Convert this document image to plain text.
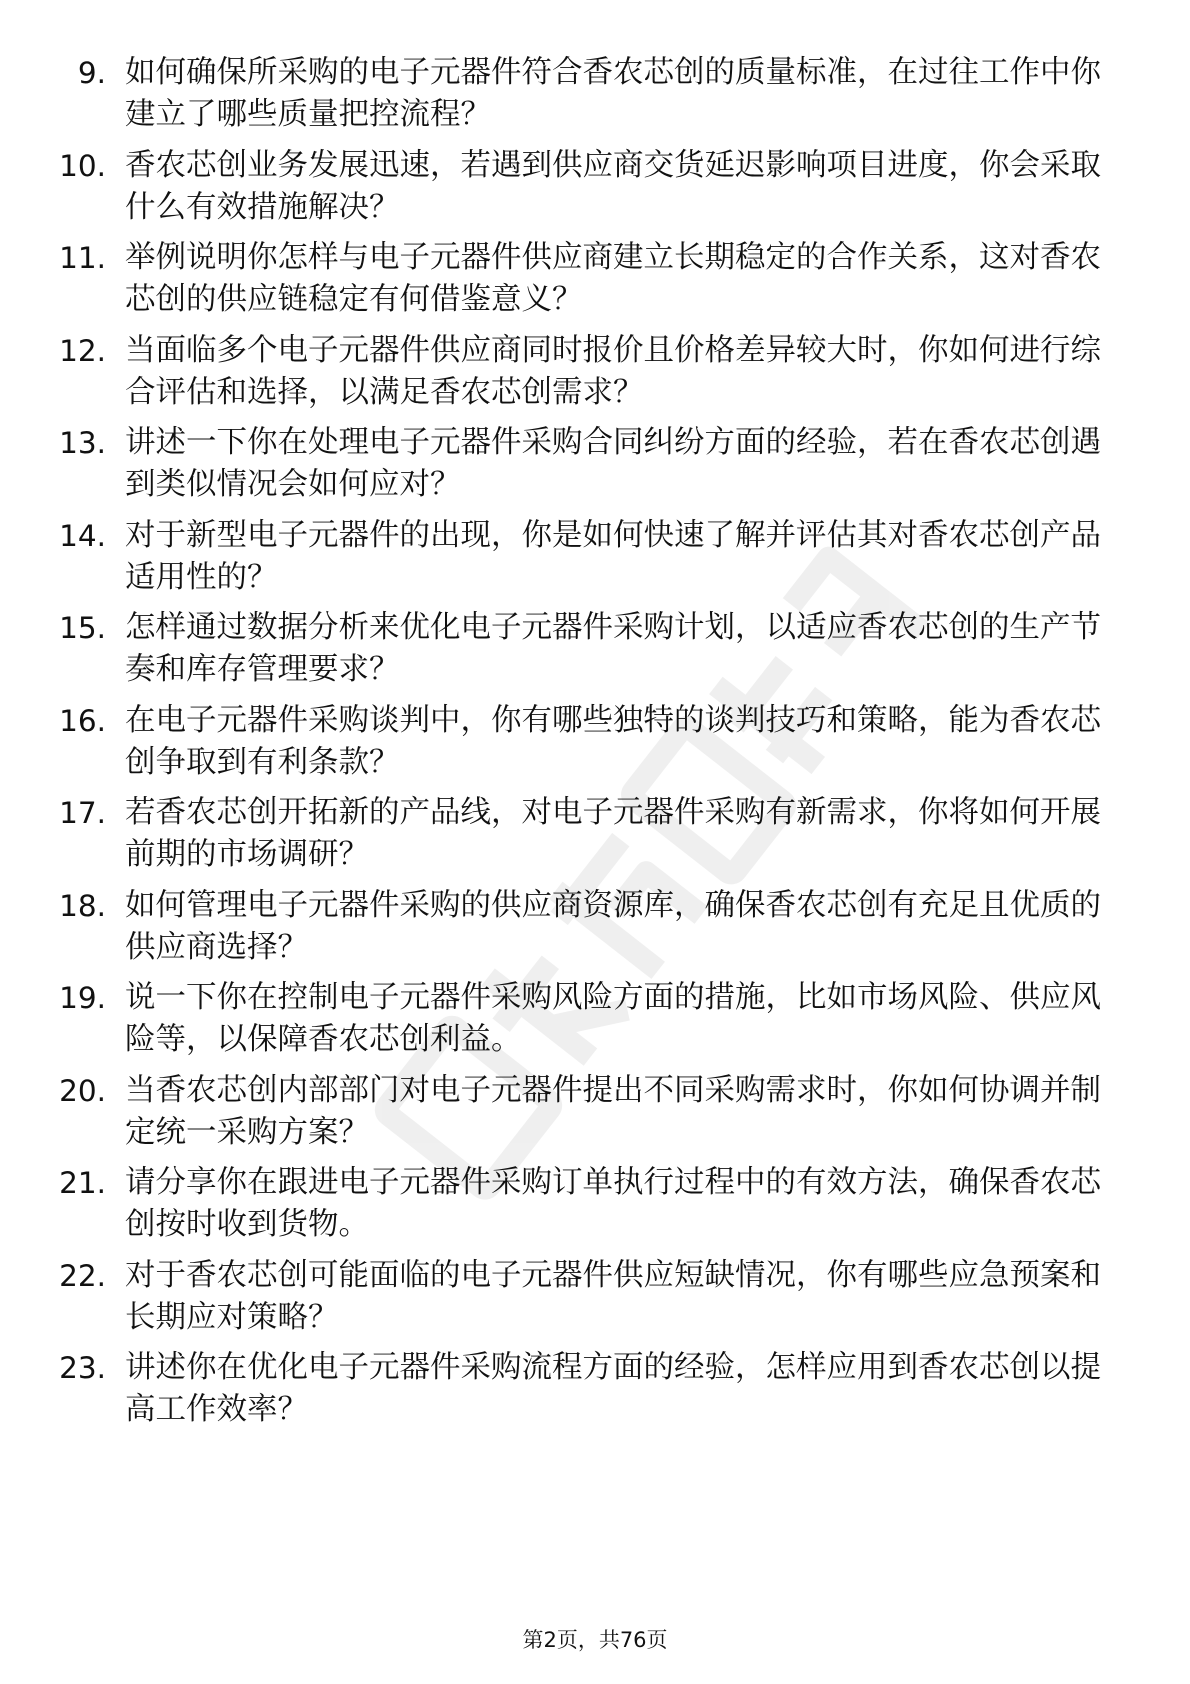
9. 如何确保所采购的电子元器件符合香农芯创的质量标准，在过往工作中你建立了哪些质量把控流程？
10. 香农芯创业务发展迅速，若遇到供应商交货延迟影响项目进度，你会采取什么有效措施解决？
11. 举例说明你怎样与电子元器件供应商建立长期稳定的合作关系，这对香农芯创的供应链稳定有何借鉴意义？
12. 当面临多个电子元器件供应商同时报价且价格差异较大时，你如何进行综合评估和选择，以满足香农芯创需求？
13. 讲述一下你在处理电子元器件采购合同纠纷方面的经验，若在香农芯创遇到类似情况会如何应对？
14. 对于新型电子元器件的出现，你是如何快速了解并评估其对香农芯创产品适用性的？
15. 怎样通过数据分析来优化电子元器件采购计划，以适应香农芯创的生产节奏和库存管理要求？
16. 在电子元器件采购谈判中，你有哪些独特的谈判技巧和策略，能为香农芯创争取到有利条款？
17. 若香农芯创开拓新的产品线，对电子元器件采购有新需求，你将如何开展前期的市场调研？
18. 如何管理电子元器件采购的供应商资源库，确保香农芯创有充足且优质的供应商选择？
19. 说一下你在控制电子元器件采购风险方面的措施，比如市场风险、供应风险等，以保障香农芯创利益。
20. 当香农芯创内部部门对电子元器件提出不同采购需求时，你如何协调并制定统一采购方案？
21. 请分享你在跟进电子元器件采购订单执行过程中的有效方法，确保香农芯创按时收到货物。
22. 对于香农芯创可能面临的电子元器件供应短缺情况，你有哪些应急预案和长期应对策略？
23. 讲述你在优化电子元器件采购流程方面的经验，怎样应用到香农芯创以提高工作效率？
第2页，共76页
